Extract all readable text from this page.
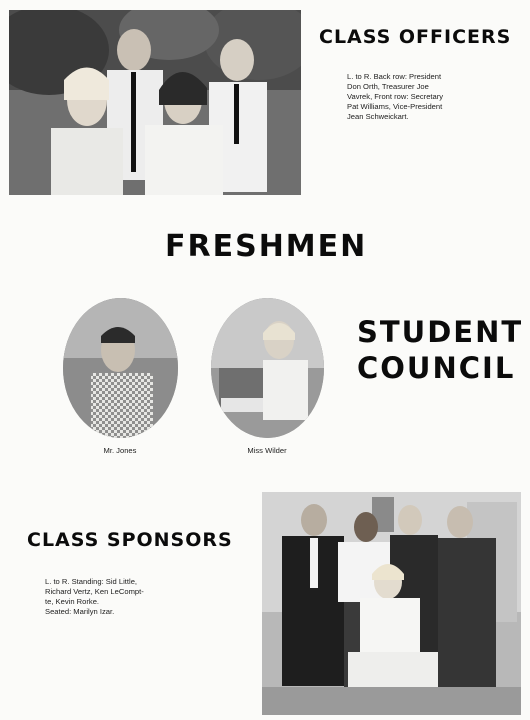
CLASS OFFICERS
L. to R. Back row: President
Don Orth, Treasurer Joe
Vavrek, Front row: Secretary
Pat Williams, Vice-President
Jean Schweickart.
FRESHMEN
Mr. Jones	Miss Wilder
STUDENT
COUNCIL
CLASS SPONSORS
L. to R. Standing: Sid Little,
Richard Vertz, Ken LeCompt-
te, Kevin Rorke.
Seated: Marilyn Izar.
